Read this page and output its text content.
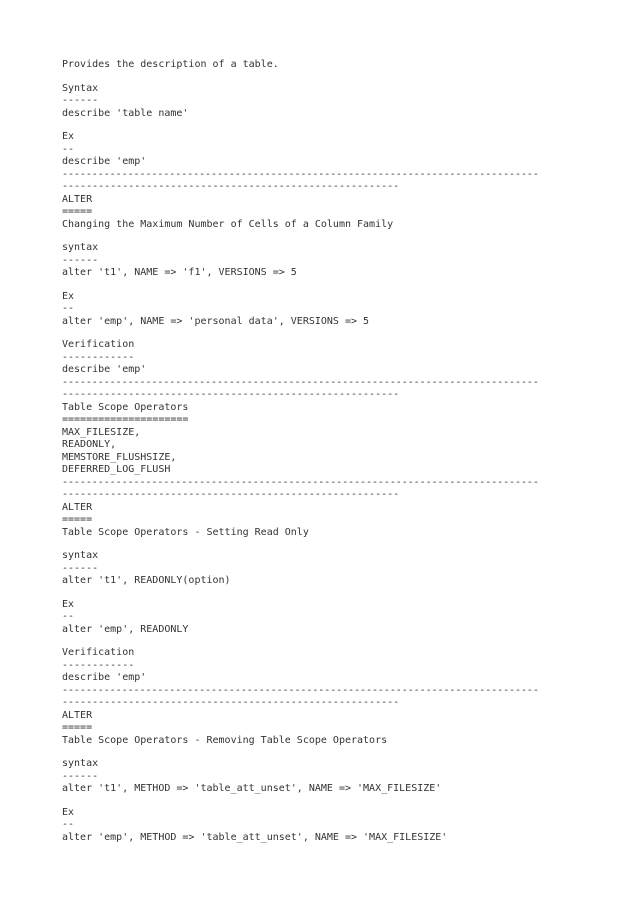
Provides the description of a table.
Syntax
------
describe 'table name'
Ex
--
describe 'emp'
--------------------------------------------------------------------------------
--------------------------------------------------------
ALTER
=====
Changing the Maximum Number of Cells of a Column Family
syntax
------
alter 't1', NAME => 'f1', VERSIONS => 5
Ex
--
alter 'emp', NAME => 'personal data', VERSIONS => 5
Verification
------------
describe 'emp'
--------------------------------------------------------------------------------
--------------------------------------------------------
Table Scope Operators
=====================
MAX_FILESIZE,
READONLY,
MEMSTORE_FLUSHSIZE,
DEFERRED_LOG_FLUSH
--------------------------------------------------------------------------------
--------------------------------------------------------
ALTER
=====
Table Scope Operators - Setting Read Only
syntax
------
alter 't1', READONLY(option)
Ex
--
alter 'emp', READONLY
Verification
------------
describe 'emp'
--------------------------------------------------------------------------------
--------------------------------------------------------
ALTER
=====
Table Scope Operators - Removing Table Scope Operators
syntax
------
alter 't1', METHOD => 'table_att_unset', NAME => 'MAX_FILESIZE'
Ex
--
alter 'emp', METHOD => 'table_att_unset', NAME => 'MAX_FILESIZE'
